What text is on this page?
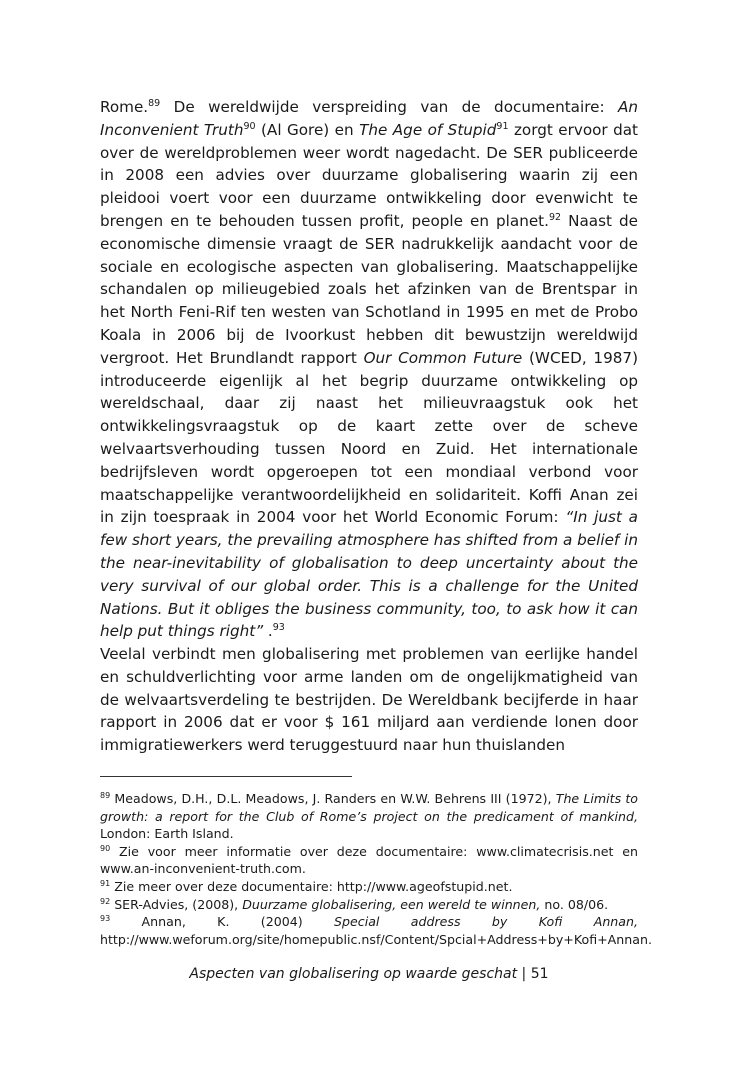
Rome.$^{89}$ De wereldwijde verspreiding van de documentaire: An Inconvenient Truth$^{90}$ (Al Gore) en The Age of Stupid$^{91}$ zorgt ervoor dat over de wereldproblemen weer wordt nagedacht. De SER publiceerde in 2008 een advies over duurzame globalisering waarin zij een pleidooi voert voor een duurzame ontwikkeling door evenwicht te brengen en te behouden tussen profit, people en planet.$^{92}$ Naast de economische dimensie vraagt de SER nadrukkelijk aandacht voor de sociale en ecologische aspecten van globalisering. Maatschappelijke schandalen op milieugebied zoals het afzinken van de Brentspar in het North Feni-Rif ten westen van Schotland in 1995 en met de Probo Koala in 2006 bij de Ivoorkust hebben dit bewustzijn wereldwijd vergroot. Het Brundlandt rapport Our Common Future (WCED, 1987) introduceerde eigenlijk al het begrip duurzame ontwikkeling op wereldschaal, daar zij naast het milieuvraagstuk ook het ontwikkelingsvraagstuk op de kaart zette over de scheve welvaartsverhouding tussen Noord en Zuid. Het internationale bedrijfsleven wordt opgeroepen tot een mondiaal verbond voor maatschappelijke verantwoordelijkheid en solidariteit. Koffi Anan zei in zijn toespraak in 2004 voor het World Economic Forum: “In just a few short years, the prevailing atmosphere has shifted from a belief in the near-inevitability of globalisation to deep uncertainty about the very survival of our global order. This is a challenge for the United Nations. But it obliges the business community, too, to ask how it can help put things right” .$^{93}$

Veelal verbindt men globalisering met problemen van eerlijke handel en schuldverlichting voor arme landen om de ongelijkmatigheid van de welvaartsverdeling te bestrijden. De Wereldbank becijferde in haar rapport in 2006 dat er voor $ 161 miljard aan verdiende lonen door immigratiewerkers werd teruggestuurd naar hun thuislanden

$^{89}$ Meadows, D.H., D.L. Meadows, J. Randers en W.W. Behrens III (1972), The Limits to growth: a report for the Club of Rome’s project on the predicament of mankind, London: Earth Island.

$^{90}$ Zie voor meer informatie over deze documentaire: www.climatecrisis.net en www.an-inconvenient-truth.com.

$^{91}$ Zie meer over deze documentaire: http://www.ageofstupid.net.

$^{92}$ SER-Advies, (2008), Duurzame globalisering, een wereld te winnen, no. 08/06.

$^{93}$ Annan, K. (2004) Special address by Kofi Annan, http://www.weforum.org/site/homepublic.nsf/Content/Spcial+Address+by+Kofi+Annan.

Aspecten van globalisering op waarde geschat | 51
